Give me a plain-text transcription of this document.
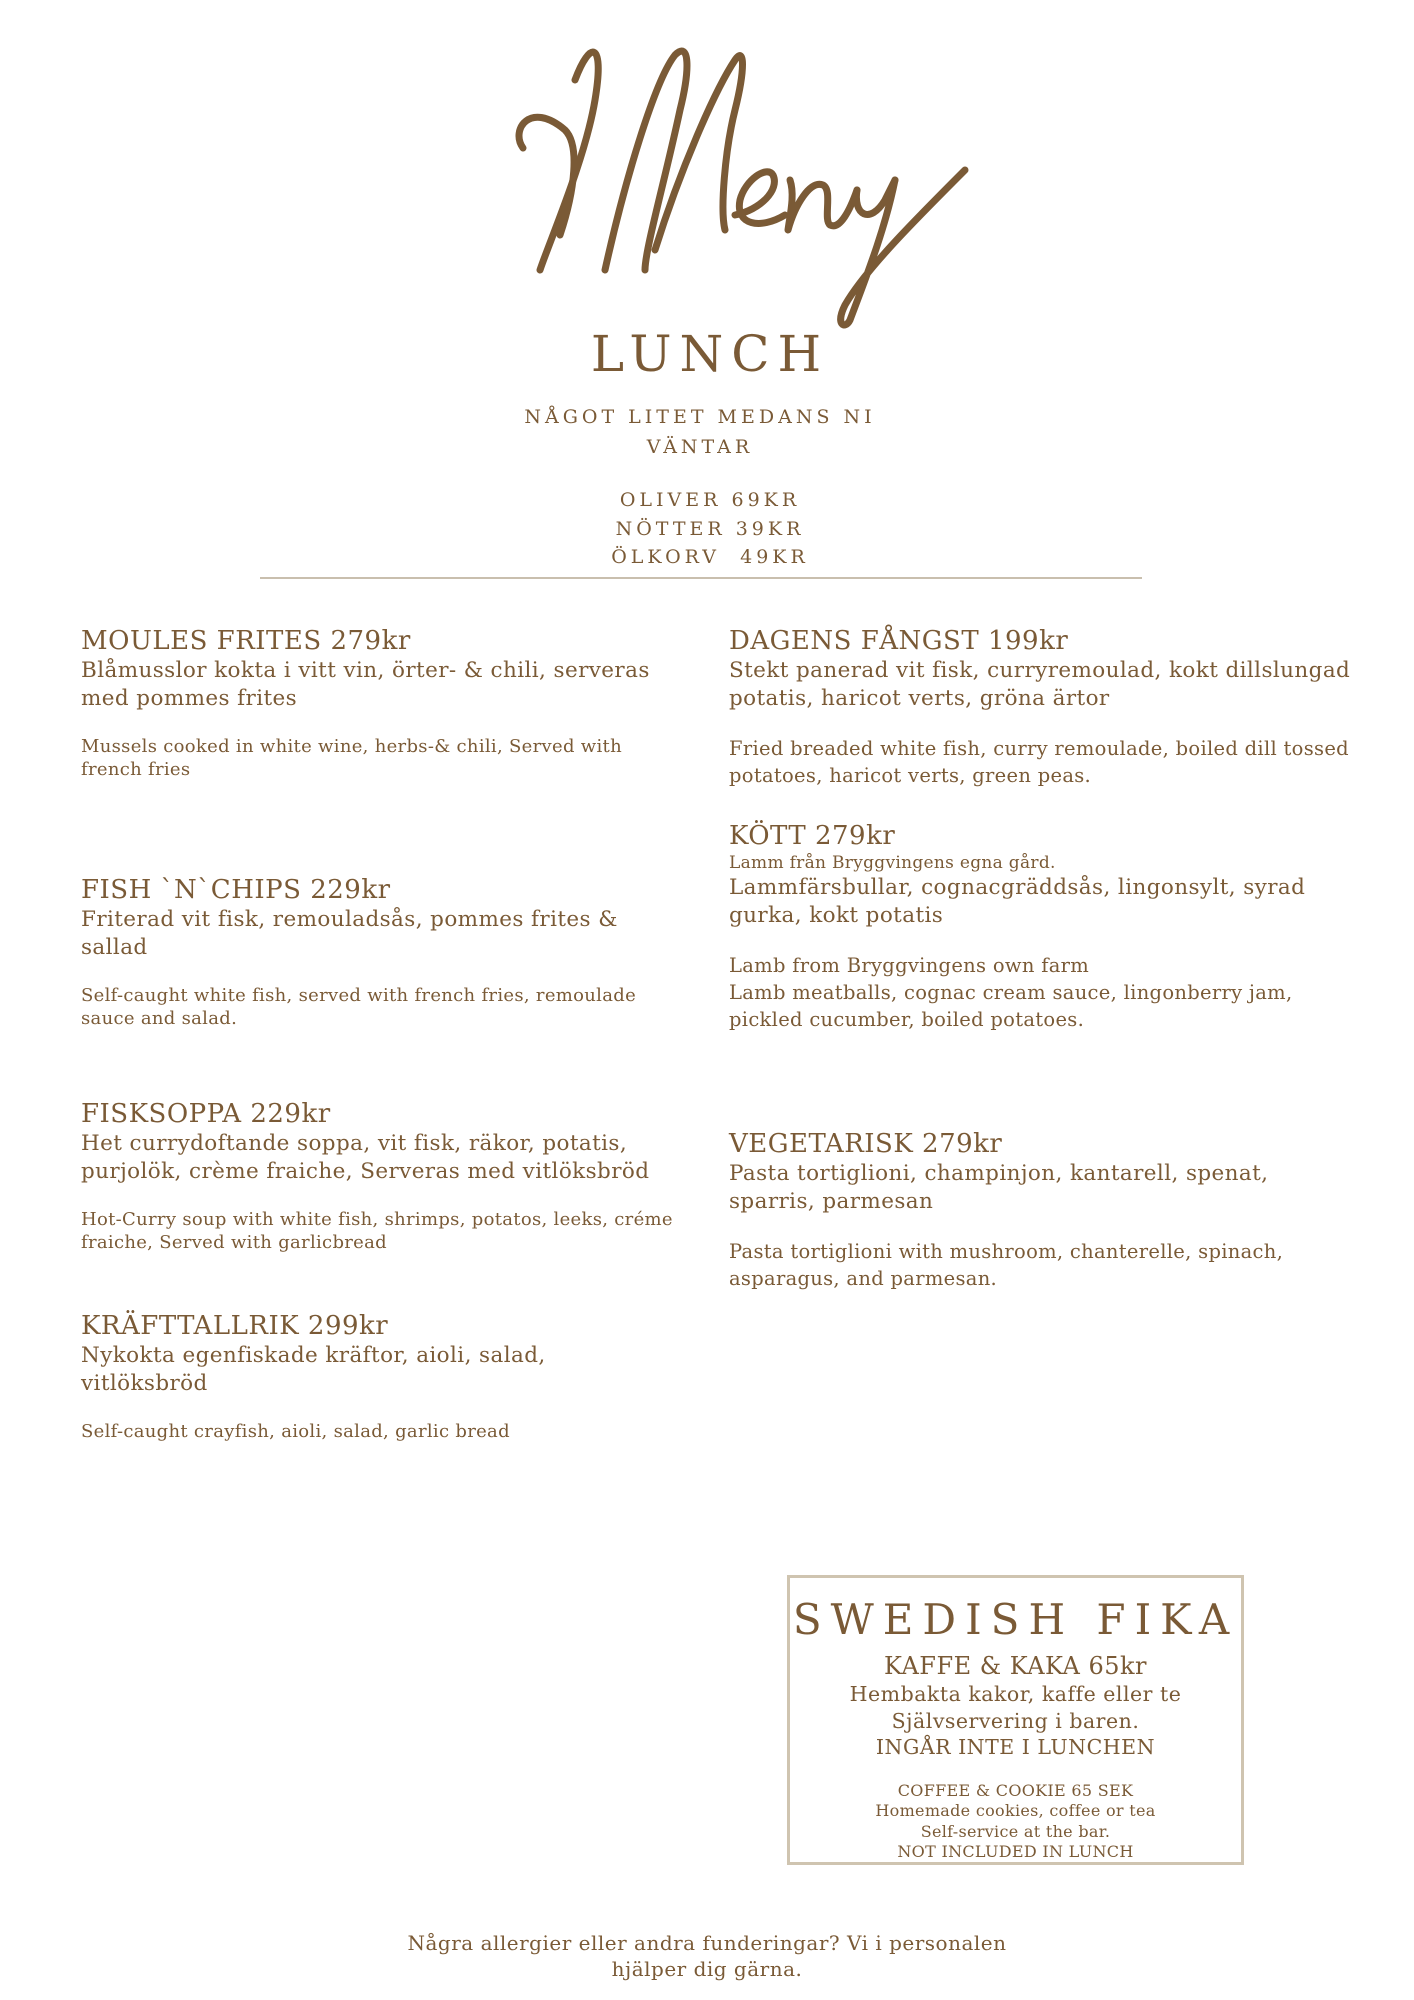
LUNCH
NÅGOT LITET MEDANS NI
VÄNTAR
OLIVER 69KR
NÖTTER 39KR
ÖLKORV  49KR
MOULES FRITES 279kr
Blåmusslor kokta i vitt vin, örter- & chili, serveras
med pommes frites
Mussels cooked in white wine, herbs-& chili, Served with
french fries
FISH `N`CHIPS 229kr
Friterad vit fisk, remouladsås, pommes frites &
sallad
Self-caught white fish, served with french fries, remoulade
sauce and salad.
FISKSOPPA 229kr
Het currydoftande soppa, vit fisk, räkor, potatis,
purjolök, crème fraiche, Serveras med vitlöksbröd
Hot-Curry soup with white fish, shrimps, potatos, leeks, créme
fraiche, Served with garlicbread
KRÄFTTALLRIK 299kr
Nykokta egenfiskade kräftor, aioli, salad,
vitlöksbröd
Self-caught crayfish, aioli, salad, garlic bread
DAGENS FÅNGST 199kr
Stekt panerad vit fisk, curryremoulad, kokt dillslungad
potatis, haricot verts, gröna ärtor
Fried breaded white fish, curry remoulade, boiled dill tossed
potatoes, haricot verts, green peas.
KÖTT 279kr
Lamm från Bryggvingens egna gård.
Lammfärsbullar, cognacgräddsås, lingonsylt, syrad
gurka, kokt potatis
Lamb from Bryggvingens own farm
Lamb meatballs, cognac cream sauce, lingonberry jam,
pickled cucumber, boiled potatoes.
VEGETARISK 279kr
Pasta tortiglioni, champinjon, kantarell, spenat,
sparris, parmesan
Pasta tortiglioni with mushroom, chanterelle, spinach,
asparagus, and parmesan.
SWEDISH FIKA
KAFFE & KAKA 65kr
Hembakta kakor, kaffe eller te
Självservering i baren.
INGÅR INTE I LUNCHEN
COFFEE & COOKIE 65 SEK
Homemade cookies, coffee or tea
Self-service at the bar.
NOT INCLUDED IN LUNCH
Några allergier eller andra funderingar? Vi i personalen
hjälper dig gärna.
